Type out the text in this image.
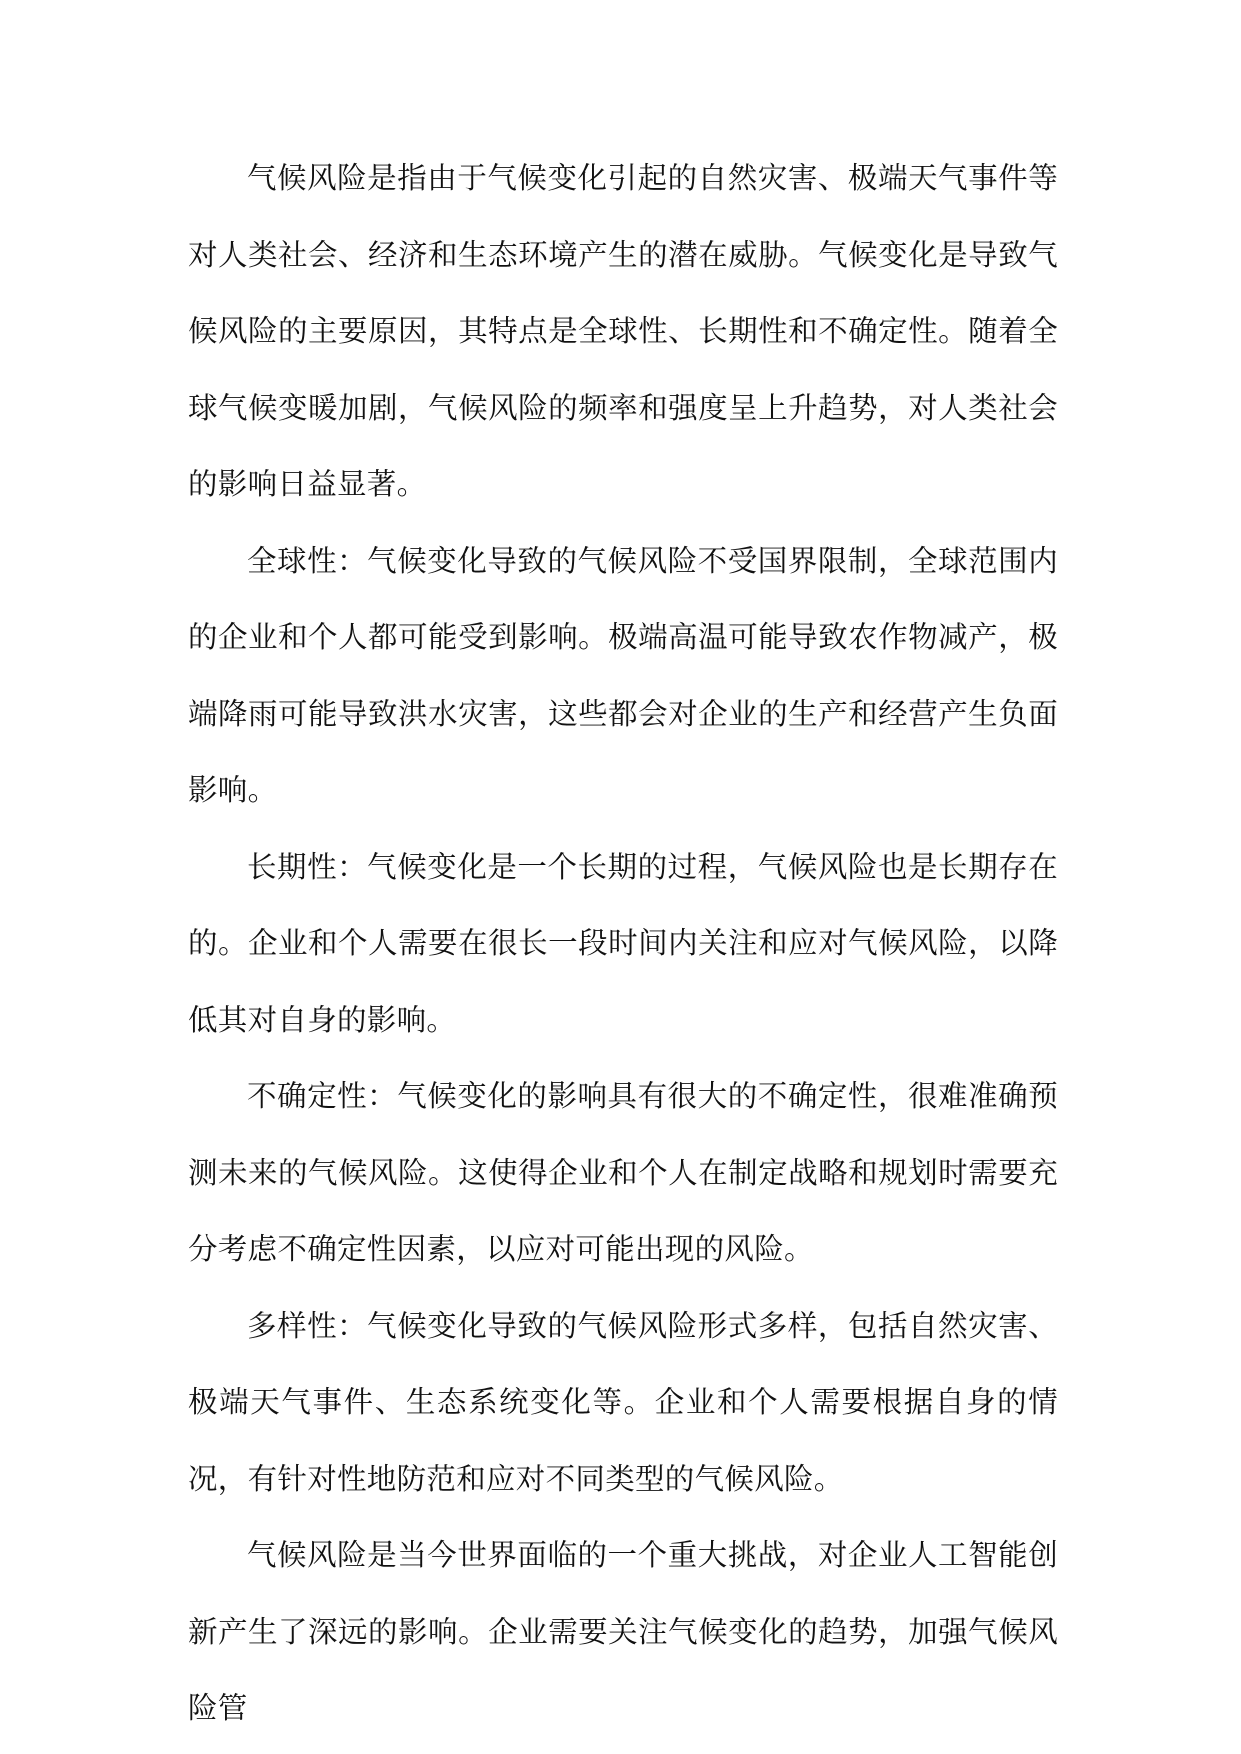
气候风险是指由于气候变化引起的自然灾害、极端天气事件等对人类社会、经济和生态环境产生的潜在威胁。气候变化是导致气候风险的主要原因，其特点是全球性、长期性和不确定性。随着全球气候变暖加剧，气候风险的频率和强度呈上升趋势，对人类社会的影响日益显著。

全球性：气候变化导致的气候风险不受国界限制，全球范围内的企业和个人都可能受到影响。极端高温可能导致农作物减产，极端降雨可能导致洪水灾害，这些都会对企业的生产和经营产生负面影响。

长期性：气候变化是一个长期的过程，气候风险也是长期存在的。企业和个人需要在很长一段时间内关注和应对气候风险，以降低其对自身的影响。

不确定性：气候变化的影响具有很大的不确定性，很难准确预测未来的气候风险。这使得企业和个人在制定战略和规划时需要充分考虑不确定性因素，以应对可能出现的风险。

多样性：气候变化导致的气候风险形式多样，包括自然灾害、极端天气事件、生态系统变化等。企业和个人需要根据自身的情况，有针对性地防范和应对不同类型的气候风险。

气候风险是当今世界面临的一个重大挑战，对企业人工智能创新产生了深远的影响。企业需要关注气候变化的趋势，加强气候风险管
